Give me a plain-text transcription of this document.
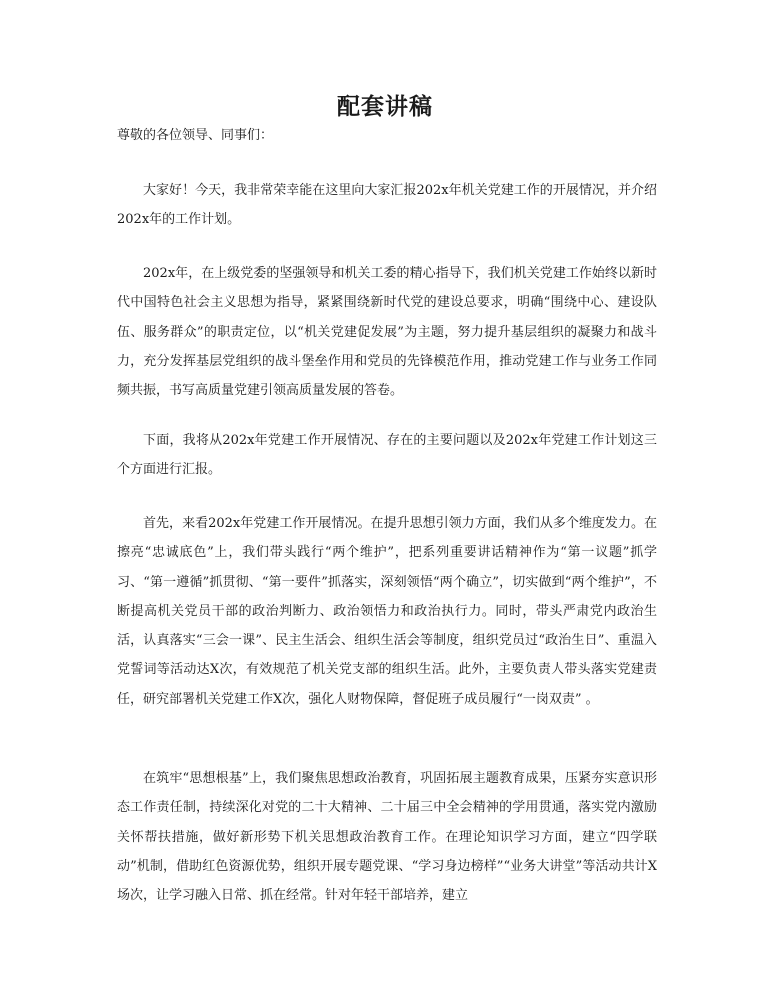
配套讲稿
尊敬的各位领导、同事们：

大家好！今天，我非常荣幸能在这里向大家汇报202x年机关党建工作的开展情况，并介绍202x年的工作计划。

202x年，在上级党委的坚强领导和机关工委的精心指导下，我们机关党建工作始终以新时代中国特色社会主义思想为指导，紧紧围绕新时代党的建设总要求，明确“围绕中心、建设队伍、服务群众”的职责定位，以“机关党建促发展”为主题，努力提升基层组织的凝聚力和战斗力，充分发挥基层党组织的战斗堡垒作用和党员的先锋模范作用，推动党建工作与业务工作同频共振，书写高质量党建引领高质量发展的答卷。

下面，我将从202x年党建工作开展情况、存在的主要问题以及202x年党建工作计划这三个方面进行汇报。

首先，来看202x年党建工作开展情况。在提升思想引领力方面，我们从多个维度发力。在擦亮“忠诚底色”上，我们带头践行“两个维护”，把系列重要讲话精神作为“第一议题”抓学习、“第一遵循”抓贯彻、“第一要件”抓落实，深刻领悟“两个确立”，切实做到“两个维护”，不断提高机关党员干部的政治判断力、政治领悟力和政治执行力。同时，带头严肃党内政治生活，认真落实“三会一课”、民主生活会、组织生活会等制度，组织党员过“政治生日”、重温入党誓词等活动达X次，有效规范了机关党支部的组织生活。此外，主要负责人带头落实党建责任，研究部署机关党建工作X次，强化人财物保障，督促班子成员履行“一岗双责” 。

在筑牢“思想根基”上，我们聚焦思想政治教育，巩固拓展主题教育成果，压紧夯实意识形态工作责任制，持续深化对党的二十大精神、二十届三中全会精神的学用贯通，落实党内激励关怀帮扶措施，做好新形势下机关思想政治教育工作。在理论知识学习方面，建立“四学联动”机制，借助红色资源优势，组织开展专题党课、“学习身边榜样”“业务大讲堂”等活动共计X场次，让学习融入日常、抓在经常。针对年轻干部培养，建立
